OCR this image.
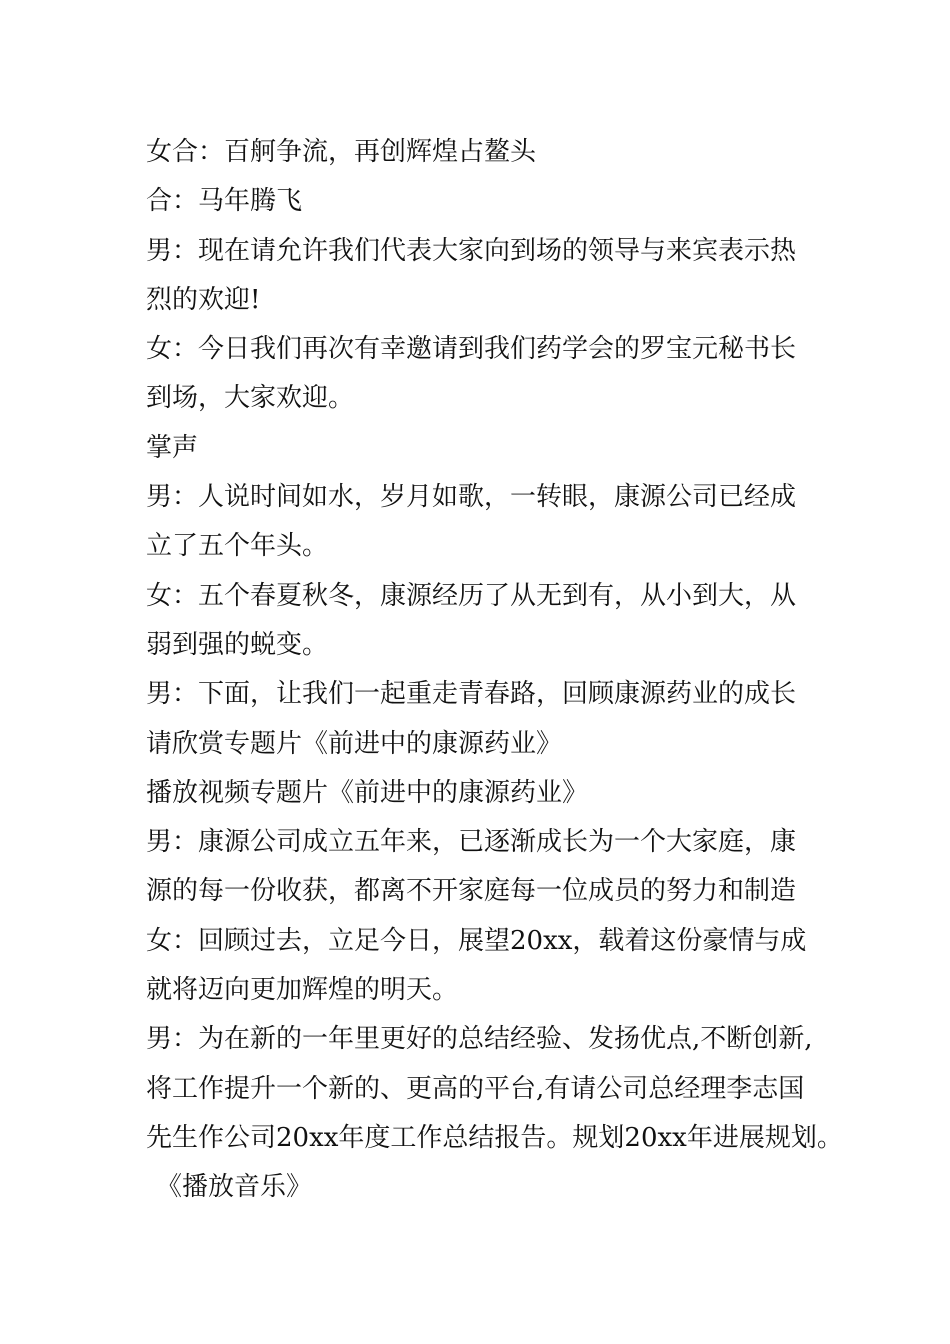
女合：百舸争流，再创辉煌占鳌头
合：马年腾飞
男：现在请允许我们代表大家向到场的领导与来宾表示热
烈的欢迎!
女：今日我们再次有幸邀请到我们药学会的罗宝元秘书长
到场，大家欢迎。
掌声
男：人说时间如水，岁月如歌，一转眼，康源公司已经成
立了五个年头。
女：五个春夏秋冬，康源经历了从无到有，从小到大，从
弱到强的蜕变。
男：下面，让我们一起重走青春路，回顾康源药业的成长
请欣赏专题片《前进中的康源药业》
播放视频专题片《前进中的康源药业》
男：康源公司成立五年来，已逐渐成长为一个大家庭，康
源的每一份收获，都离不开家庭每一位成员的努力和制造
女：回顾过去，立足今日，展望20xx，载着这份豪情与成
就将迈向更加辉煌的明天。
男：为在新的一年里更好的总结经验、发扬优点,不断创新,
将工作提升一个新的、更高的平台,有请公司总经理李志国
先生作公司20xx年度工作总结报告。规划20xx年进展规划。
《播放音乐》
